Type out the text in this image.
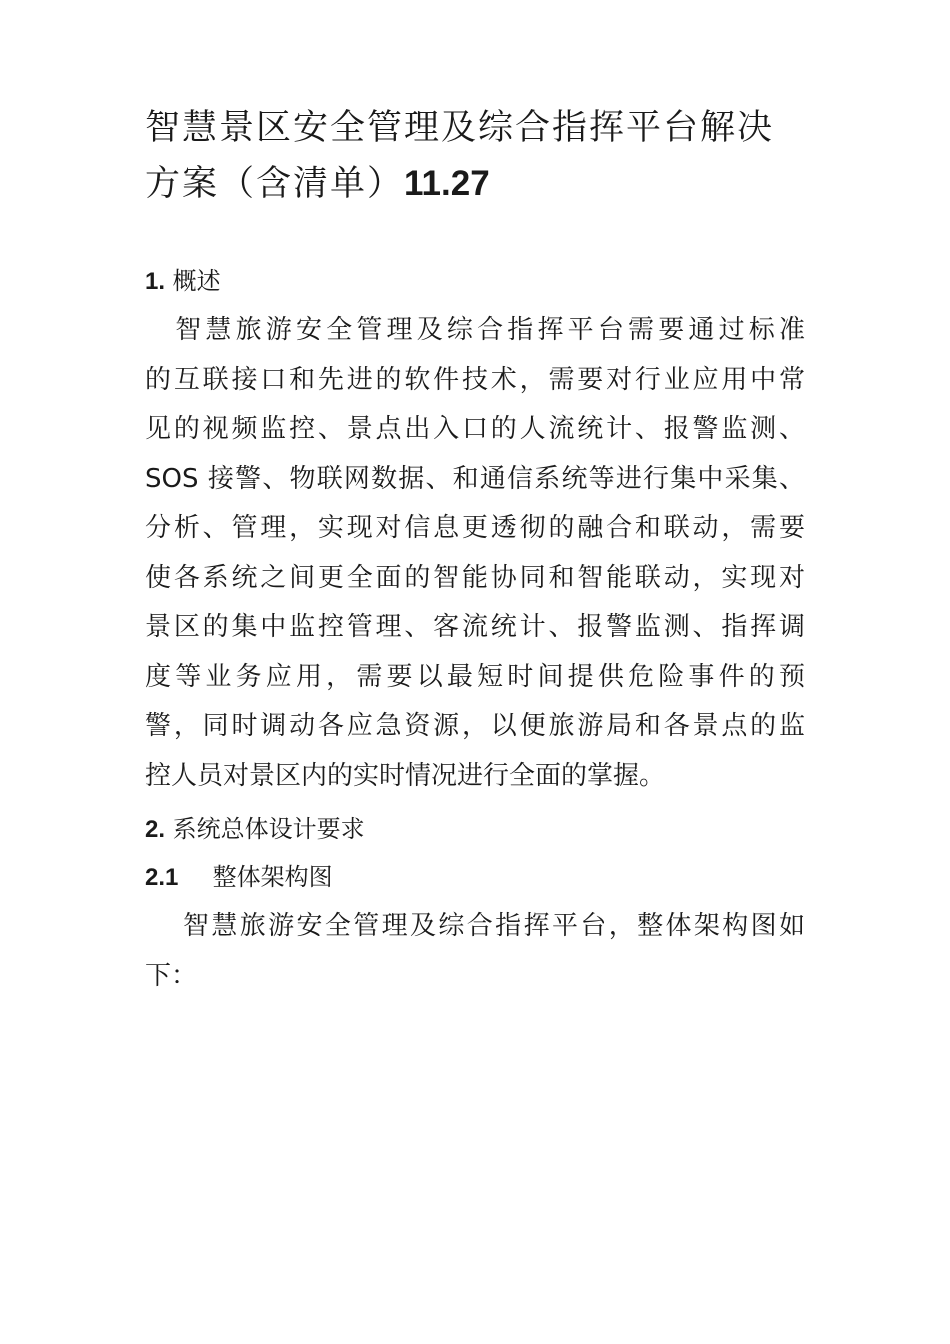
智慧景区安全管理及综合指挥平台解决
方案（含清单）11.27
1. 概述
　智慧旅游安全管理及综合指挥平台需要通过标准
的互联接口和先进的软件技术，需要对行业应用中常
见的视频监控、景点出入口的人流统计、报警监测、
SOS 接警、物联网数据、和通信系统等进行集中采集、
分析、管理，实现对信息更透彻的融合和联动，需要
使各系统之间更全面的智能协同和智能联动，实现对
景区的集中监控管理、客流统计、报警监测、指挥调
度等业务应用，需要以最短时间提供危险事件的预
警，同时调动各应急资源，以便旅游局和各景点的监
控人员对景区内的实时情况进行全面的掌握。
2. 系统总体设计要求
2.1 整体架构图
智慧旅游安全管理及综合指挥平台，整体架构图如
下：
